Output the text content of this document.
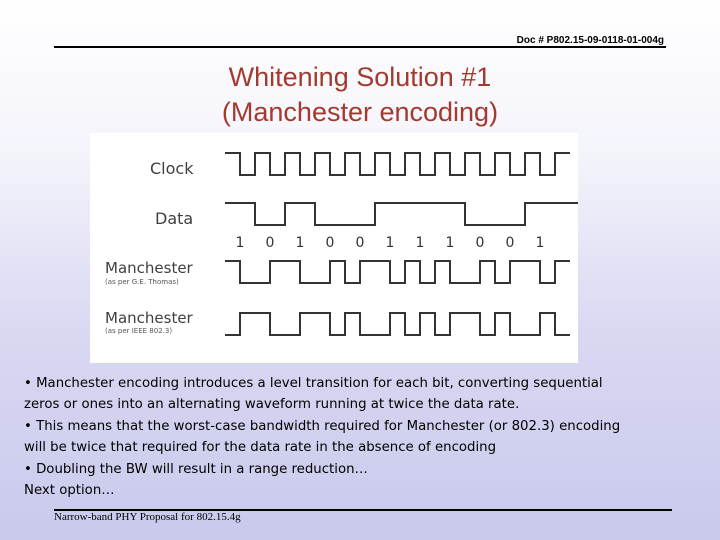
Doc # P802.15-09-0118-01-004g
Whitening Solution #1
(Manchester encoding)
Clock
Data
Manchester
(as per G.E. Thomas)
Manchester
(as per IEEE 802.3)
1 0 1 0 0 1 1 1 0 0 1
• Manchester encoding introduces a level transition for each bit, converting sequential
zeros or ones into an alternating waveform running at twice the data rate.
• This means that the worst-case bandwidth required for Manchester (or 802.3) encoding
will be twice that required for the data rate in the absence of encoding
• Doubling the BW will result in a range reduction…
Next option…
Narrow-band PHY Proposal for 802.15.4g
